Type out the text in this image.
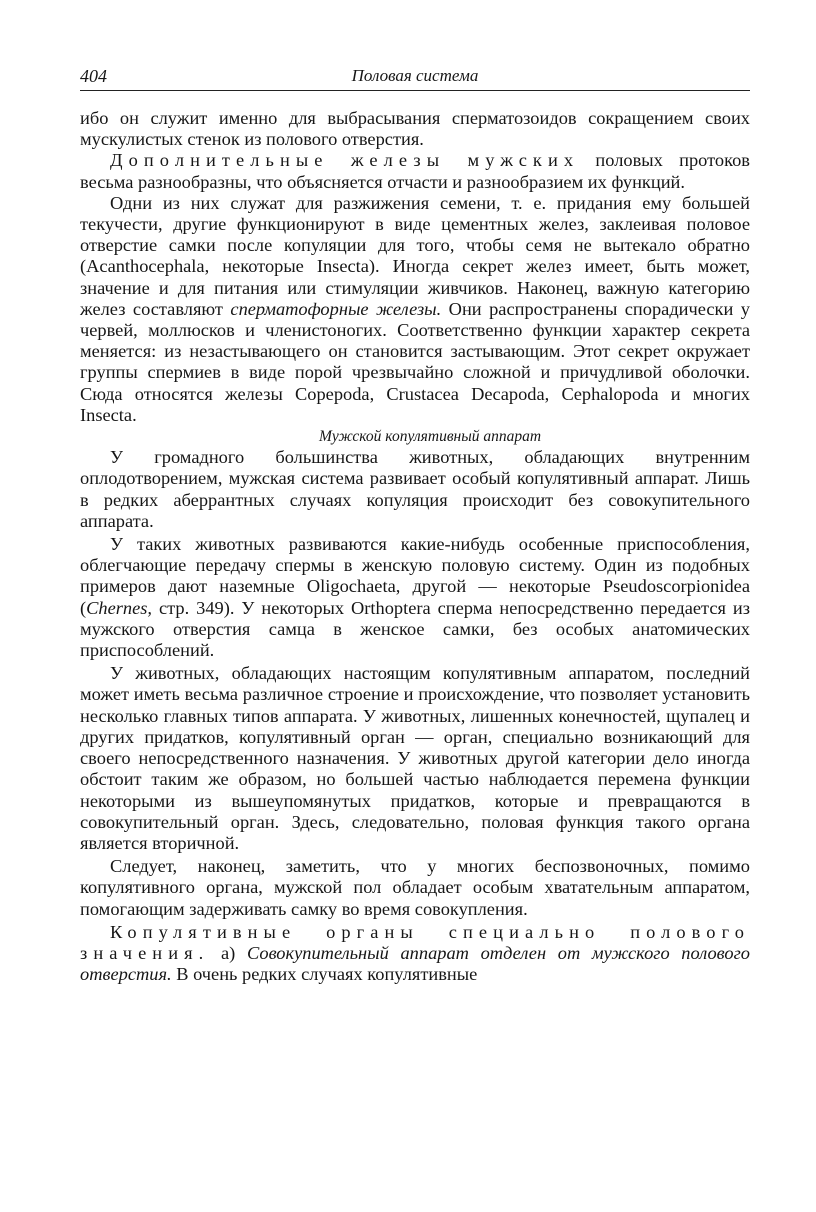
404	Половая система

ибо он служит именно для выбрасывания сперматозоидов сокращением своих мускулистых стенок из полового отверстия.

Дополнительные железы мужских половых протоков весьма разнообразны, что объясняется отчасти и разнообразием их функций.

Одни из них служат для разжижения семени, т. е. придания ему большей текучести, другие функционируют в виде цементных желез, заклеивая половое отверстие самки после копуляции для того, чтобы семя не вытекало обратно (Acanthocephala, некоторые Insecta). Иногда секрет желез имеет, быть может, значение и для питания или стимуляции живчиков. Наконец, важную категорию желез составляют сперматофорные железы. Они распространены спорадически у червей, моллюсков и членистоногих. Соответственно функции характер секрета меняется: из незастывающего он становится застывающим. Этот секрет окружает группы спермиев в виде порой чрезвычайно сложной и причудливой оболочки. Сюда относятся железы Copepoda, Crustacea Decapoda, Cephalopoda и многих Insecta.

Мужской копулятивный аппарат

У громадного большинства животных, обладающих внутренним оплодотворением, мужская система развивает особый копулятивный аппарат. Лишь в редких аберрантных случаях копуляция происходит без совокупительного аппарата.

У таких животных развиваются какие-нибудь особенные приспособления, облегчающие передачу спермы в женскую половую систему. Один из подобных примеров дают наземные Oligochaeta, другой — некоторые Pseudoscorpionidea (Chernes, стр. 349). У некоторых Orthoptera сперма непосредственно передается из мужского отверстия самца в женское самки, без особых анатомических приспособлений.

У животных, обладающих настоящим копулятивным аппаратом, последний может иметь весьма различное строение и происхождение, что позволяет установить несколько главных типов аппарата. У животных, лишенных конечностей, щупалец и других придатков, копулятивный орган — орган, специально возникающий для своего непосредственного назначения. У животных другой категории дело иногда обстоит таким же образом, но большей частью наблюдается перемена функции некоторыми из вышеупомянутых придатков, которые и превращаются в совокупительный орган. Здесь, следовательно, половая функция такого органа является вторичной.

Следует, наконец, заметить, что у многих беспозвоночных, помимо копулятивного органа, мужской пол обладает особым хватательным аппаратом, помогающим задерживать самку во время совокупления.

Копулятивные органы специально полового значения. а) Совокупительный аппарат отделен от мужского полового отверстия. В очень редких случаях копулятивные
